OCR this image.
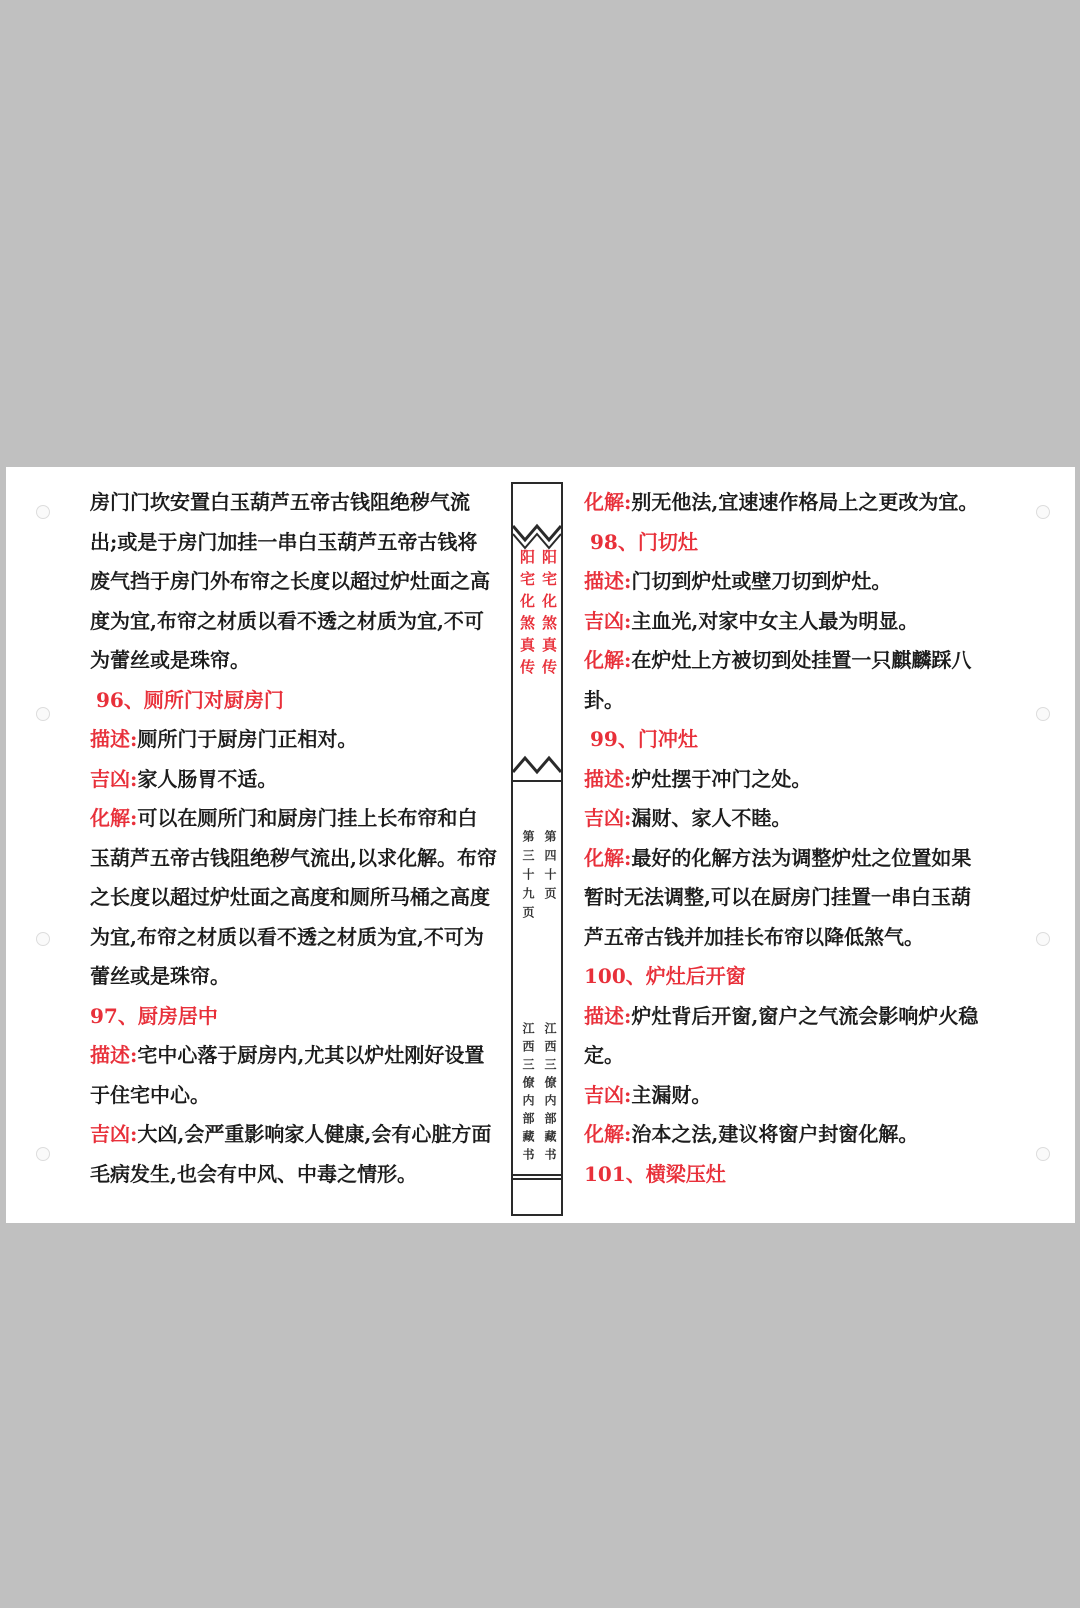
房门门坎安置白玉葫芦五帝古钱阻绝秽气流
出;或是于房门加挂一串白玉葫芦五帝古钱将
废气挡于房门外布帘之长度以超过炉灶面之高
度为宜,布帘之材质以看不透之材质为宜,不可
为蕾丝或是珠帘。
96、厕所门对厨房门
描述:厕所门于厨房门正相对。
吉凶:家人肠胃不适。
化解:可以在厕所门和厨房门挂上长布帘和白
玉葫芦五帝古钱阻绝秽气流出,以求化解。布帘
之长度以超过炉灶面之高度和厕所马桶之高度
为宜,布帘之材质以看不透之材质为宜,不可为
蕾丝或是珠帘。
97、厨房居中
描述:宅中心落于厨房内,尤其以炉灶刚好设置
于住宅中心。
吉凶:大凶,会严重影响家人健康,会有心脏方面
毛病发生,也会有中风、中毒之情形。
阳宅化煞真传 阳宅化煞真传
第三十九页 第四十页
江西三僚内部藏书 江西三僚内部藏书
化解:别无他法,宜速速作格局上之更改为宜。
98、门切灶
描述:门切到炉灶或壁刀切到炉灶。
吉凶:主血光,对家中女主人最为明显。
化解:在炉灶上方被切到处挂置一只麒麟踩八
卦。
99、门冲灶
描述:炉灶摆于冲门之处。
吉凶:漏财、家人不睦。
化解:最好的化解方法为调整炉灶之位置如果
暂时无法调整,可以在厨房门挂置一串白玉葫
芦五帝古钱并加挂长布帘以降低煞气。
100、炉灶后开窗
描述:炉灶背后开窗,窗户之气流会影响炉火稳
定。
吉凶:主漏财。
化解:治本之法,建议将窗户封窗化解。
101、横梁压灶
